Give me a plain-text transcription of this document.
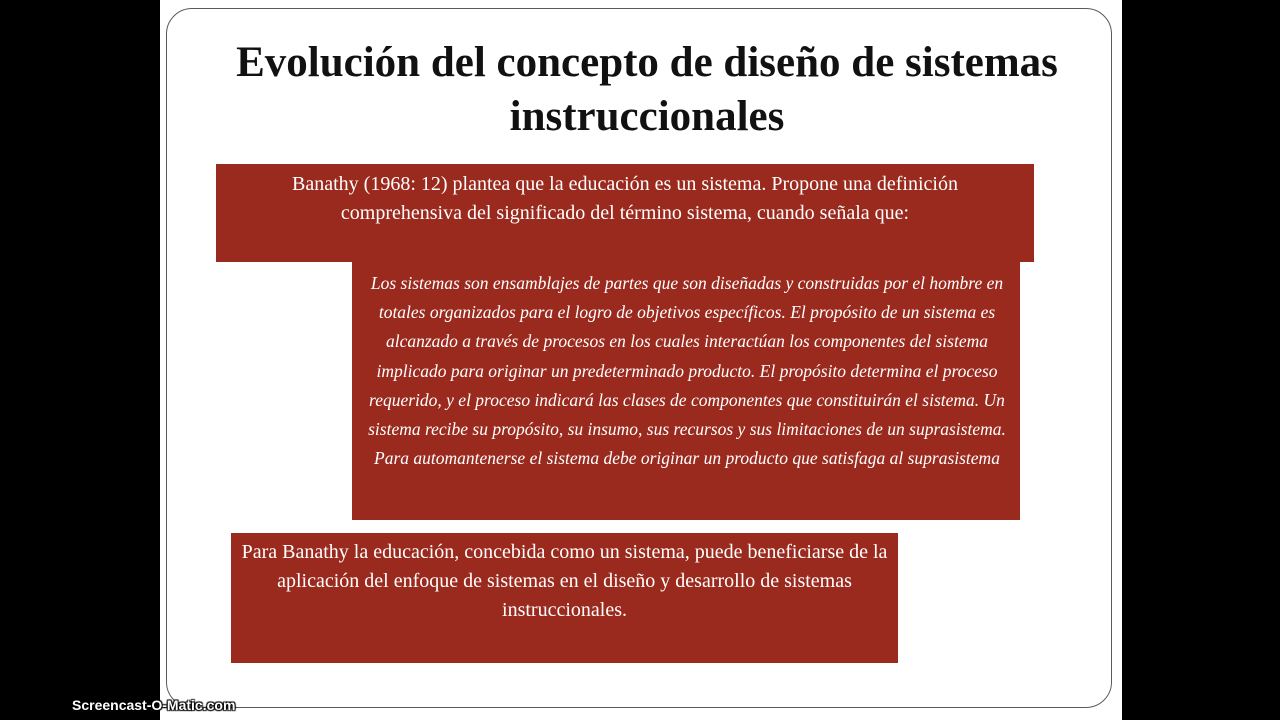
Evolución del concepto de diseño de sistemas instruccionales
Banathy (1968: 12) plantea que la educación es un sistema. Propone una definición comprehensiva del significado del término sistema, cuando señala que:
Los sistemas son ensamblajes de partes que son diseñadas y construidas por el hombre en totales organizados para el logro de objetivos específicos. El propósito de un sistema es alcanzado a través de procesos en los cuales interactúan los componentes del sistema implicado para originar un predeterminado producto. El propósito determina el proceso requerido, y el proceso indicará las clases de componentes que constituirán el sistema. Un sistema recibe su propósito, su insumo, sus recursos y sus limitaciones de un suprasistema. Para automantenerse el sistema debe originar un producto que satisfaga al suprasistema
Para Banathy la educación, concebida como un sistema, puede beneficiarse de la aplicación del enfoque de sistemas en el diseño y desarrollo de sistemas instruccionales.
Screencast-O-Matic.com
